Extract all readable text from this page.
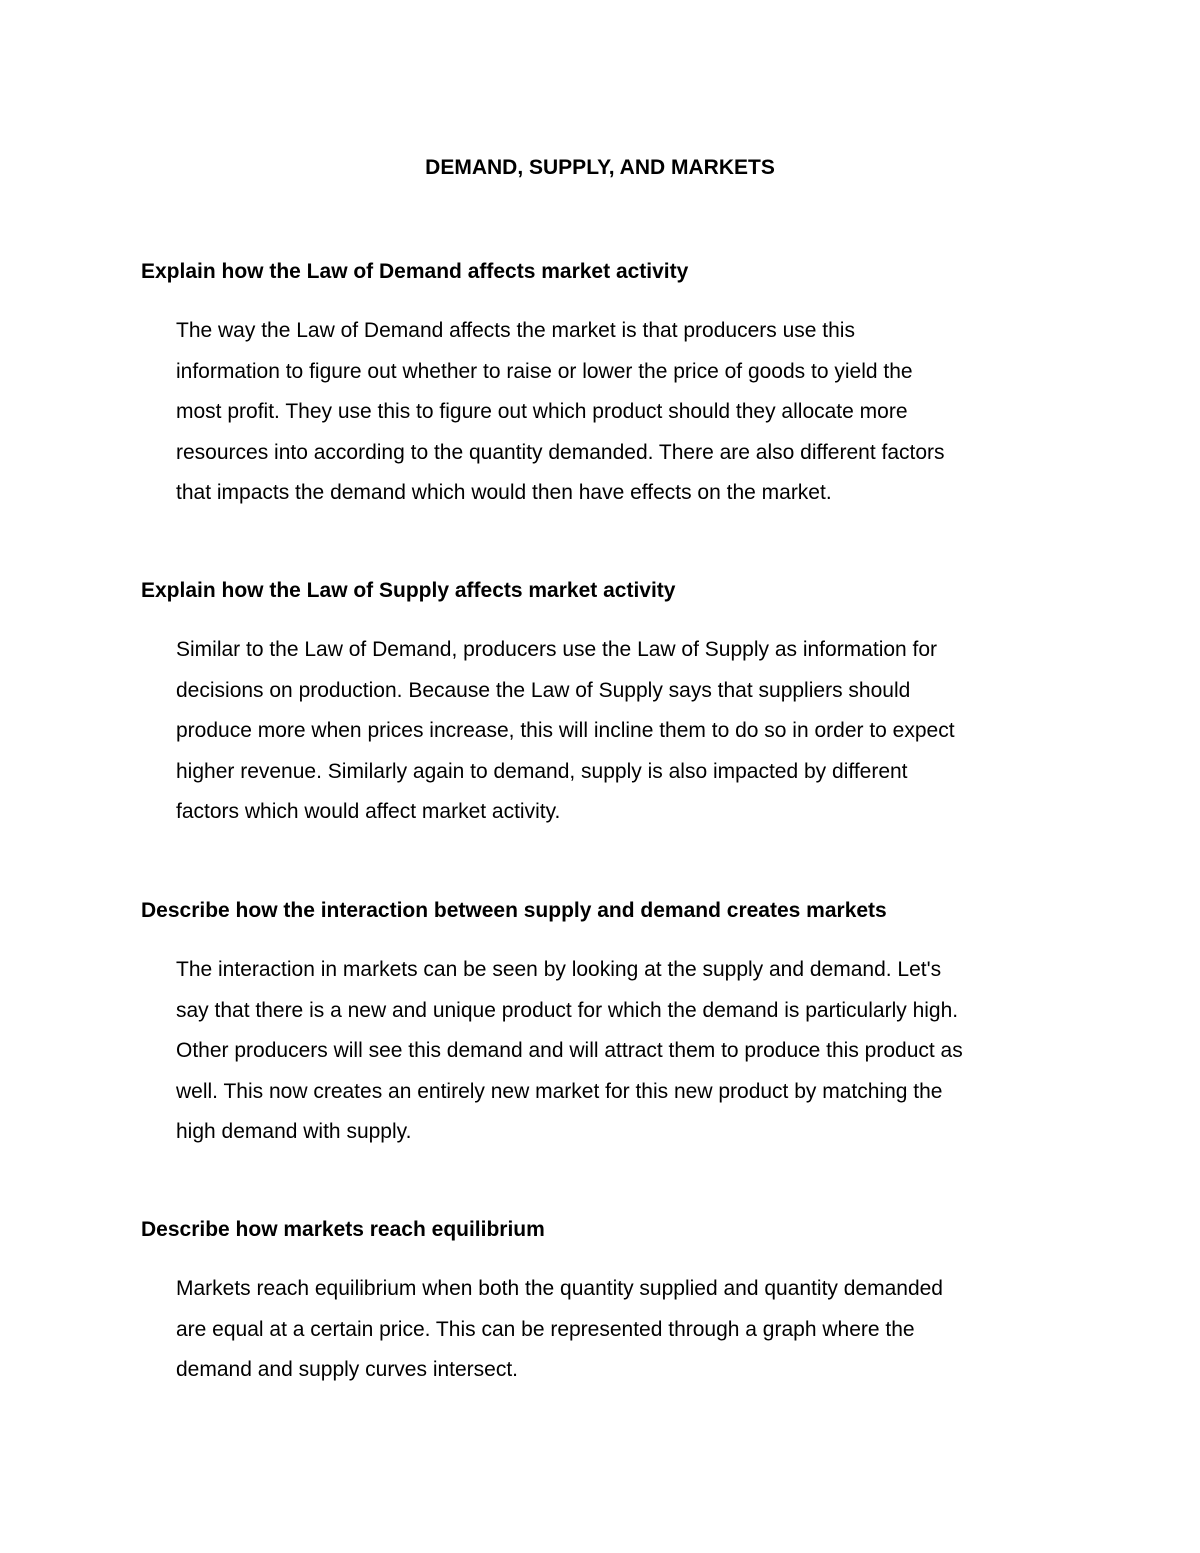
DEMAND, SUPPLY, AND MARKETS
Explain how the Law of Demand affects market activity
The way the Law of Demand affects the market is that producers use this
information to figure out whether to raise or lower the price of goods to yield the
most profit. They use this to figure out which product should they allocate more
resources into according to the quantity demanded. There are also different factors
that impacts the demand which would then have effects on the market.
Explain how the Law of Supply affects market activity
Similar to the Law of Demand, producers use the Law of Supply as information for
decisions on production. Because the Law of Supply says that suppliers should
produce more when prices increase, this will incline them to do so in order to expect
higher revenue. Similarly again to demand, supply is also impacted by different
factors which would affect market activity.
Describe how the interaction between supply and demand creates markets
The interaction in markets can be seen by looking at the supply and demand. Let's
say that there is a new and unique product for which the demand is particularly high.
Other producers will see this demand and will attract them to produce this product as
well. This now creates an entirely new market for this new product by matching the
high demand with supply.
Describe how markets reach equilibrium
Markets reach equilibrium when both the quantity supplied and quantity demanded
are equal at a certain price. This can be represented through a graph where the
demand and supply curves intersect.
